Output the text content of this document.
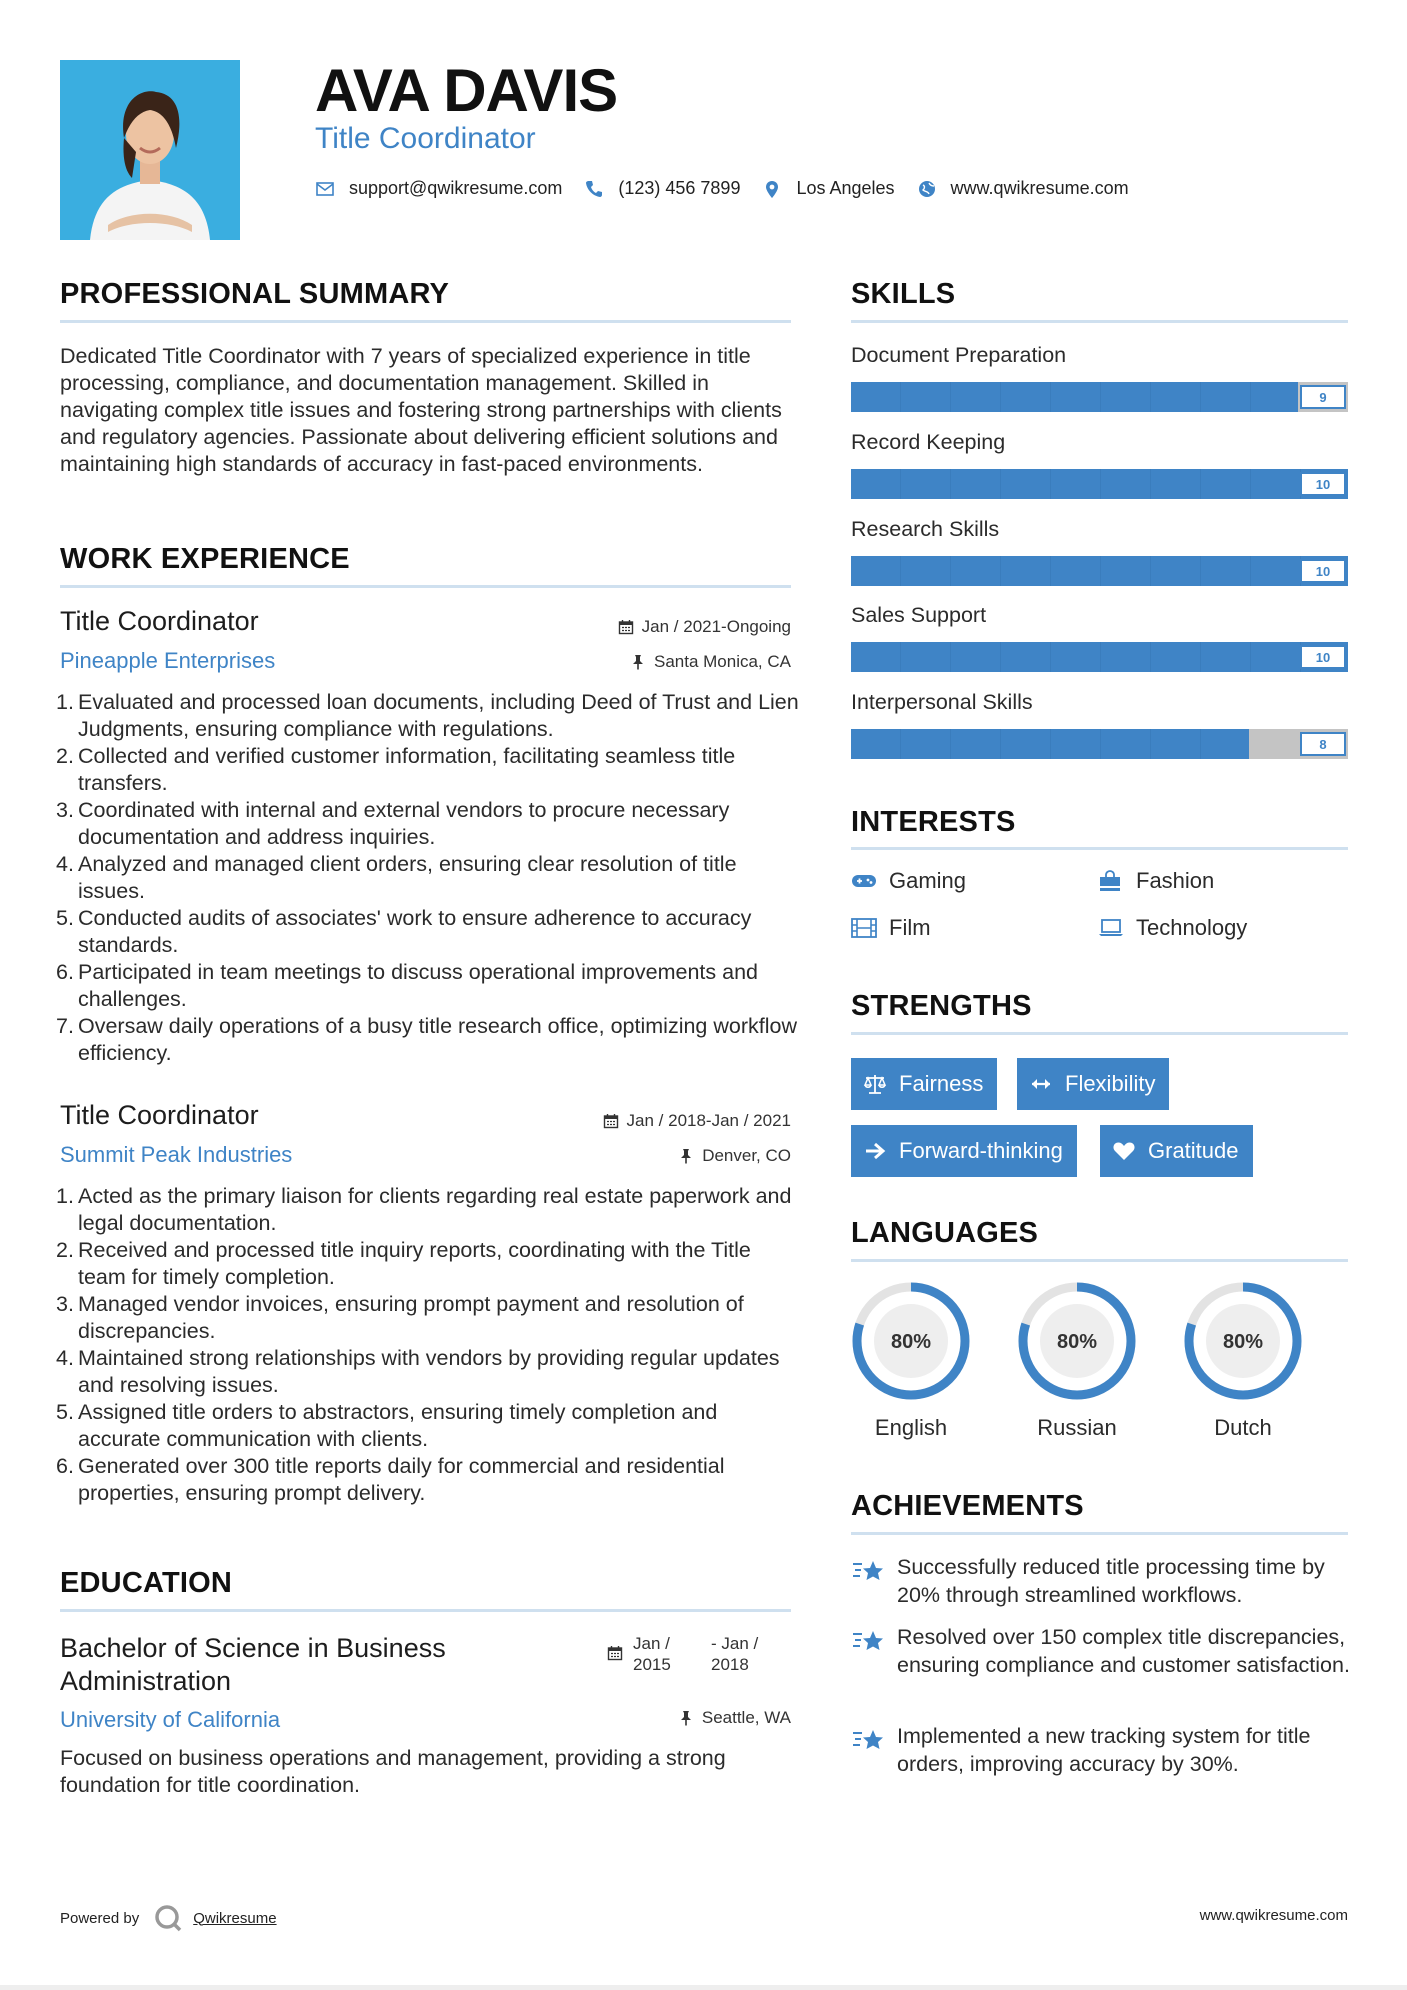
AVA DAVIS
Title Coordinator
support@qwikresume.com	(123) 456 7899	Los Angeles	www.qwikresume.com
PROFESSIONAL SUMMARY

Dedicated Title Coordinator with 7 years of specialized experience in title processing, compliance, and documentation management. Skilled in navigating complex title issues and fostering strong partnerships with clients and regulatory agencies. Passionate about delivering efficient solutions and maintaining high standards of accuracy in fast-paced environments.

WORK EXPERIENCE
Title Coordinator	Jan / 2021-Ongoing
Pineapple Enterprises	Santa Monica, CA
Evaluated and processed loan documents, including Deed of Trust and Lien Judgments, ensuring compliance with regulations.
Collected and verified customer information, facilitating seamless title transfers.
Coordinated with internal and external vendors to procure necessary documentation and address inquiries.
Analyzed and managed client orders, ensuring clear resolution of title issues.
Conducted audits of associates' work to ensure adherence to accuracy standards.
Participated in team meetings to discuss operational improvements and challenges.
Oversaw daily operations of a busy title research office, optimizing workflow efficiency.
Title Coordinator	Jan / 2018-Jan / 2021
Summit Peak Industries	Denver, CO
Acted as the primary liaison for clients regarding real estate paperwork and legal documentation.
Received and processed title inquiry reports, coordinating with the Title team for timely completion.
Managed vendor invoices, ensuring prompt payment and resolution of discrepancies.
Maintained strong relationships with vendors by providing regular updates and resolving issues.
Assigned title orders to abstractors, ensuring timely completion and accurate communication with clients.
Generated over 300 title reports daily for commercial and residential properties, ensuring prompt delivery.
EDUCATION
Bachelor of Science in Business Administration
Jan / 2015
- Jan / 2018
University of California	Seattle, WA

Focused on business operations and management, providing a strong foundation for title coordination.

SKILLS
Document Preparation
9
Record Keeping
10
Research Skills
10
Sales Support
10
Interpersonal Skills
8
INTERESTS
Gaming	Fashion
Film	Technology
STRENGTHS
Fairness	Flexibility
Forward-thinking	Gratitude
LANGUAGES
80%
English
80%
Russian
80%
Dutch
ACHIEVEMENTS
Successfully reduced title processing time by 20% through streamlined workflows.
Resolved over 150 complex title discrepancies, ensuring compliance and customer satisfaction.
Implemented a new tracking system for title orders, improving accuracy by 30%.
Powered by	Qwikresume	www.qwikresume.com
